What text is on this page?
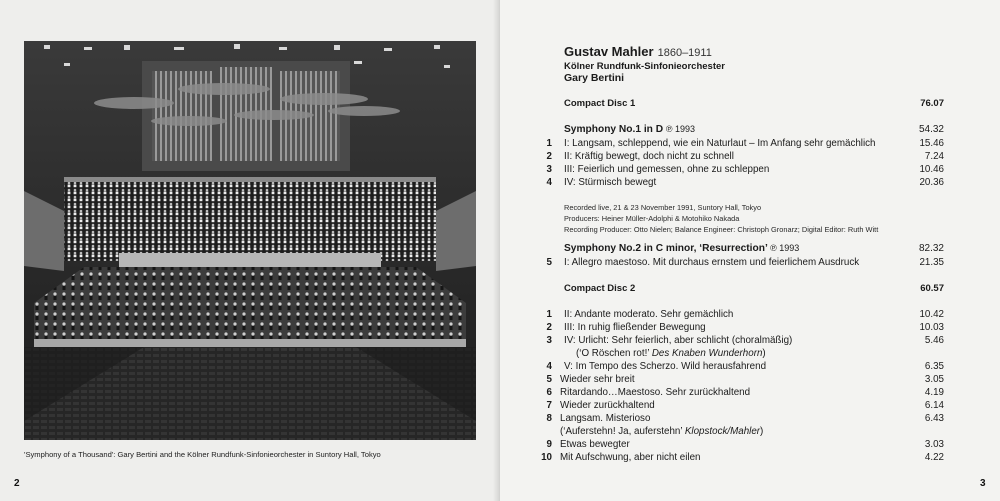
'Symphony of a Thousand': Gary Bertini and the Kölner Rundfunk-Sinfonieorchester in Suntory Hall, Tokyo
2
Gustav Mahler 1860–1911
Kölner Rundfunk-Sinfonieorchester
Gary Bertini
Compact Disc 1	76.07
Symphony No.1 in D ℗ 1993	54.32
1 I: Langsam, schleppend, wie ein Naturlaut – Im Anfang sehr gemächlich	15.46
2 II: Kräftig bewegt, doch nicht zu schnell	7.24
3 III: Feierlich und gemessen, ohne zu schleppen	10.46
4 IV: Stürmisch bewegt	20.36
Recorded live, 21 & 23 November 1991, Suntory Hall, Tokyo
Producers: Heiner Müller-Adolphi & Motohiko Nakada
Recording Producer: Otto Nielen; Balance Engineer: Christoph Gronarz; Digital Editor: Ruth Witt
Symphony No.2 in C minor, ‘Resurrection’ ℗ 1993	82.32
5 I: Allegro maestoso. Mit durchaus ernstem und feierlichem Ausdruck	21.35
Compact Disc 2	60.57
1 II: Andante moderato. Sehr gemächlich	10.42
2 III: In ruhig fließender Bewegung	10.03
3 IV: Urlicht: Sehr feierlich, aber schlicht (choralmäßig)	5.46
(‘O Röschen rot!’ Des Knaben Wunderhorn)
4 V: Im Tempo des Scherzo. Wild herausfahrend	6.35
5 Wieder sehr breit	3.05
6 Ritardando…Maestoso. Sehr zurückhaltend	4.19
7 Wieder zurückhaltend	6.14
8 Langsam. Misterioso	6.43
(‘Auferstehn! Ja, auferstehn’ Klopstock/Mahler)
9 Etwas bewegter	3.03
10 Mit Aufschwung, aber nicht eilen	4.22
3
